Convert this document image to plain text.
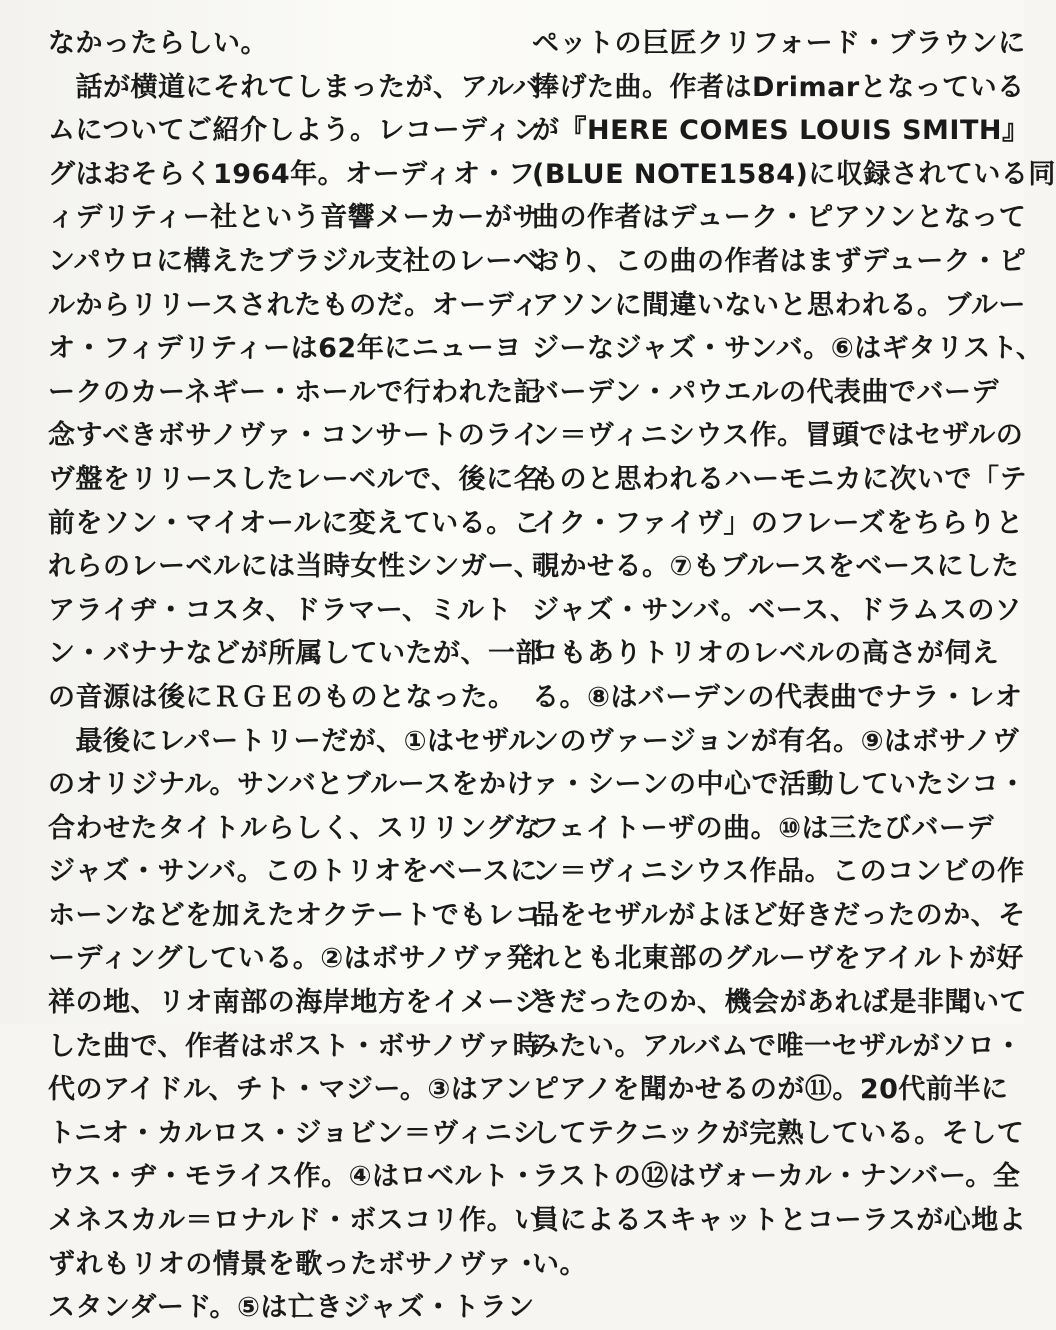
なかったらしい。
　話が横道にそれてしまったが、アルバ
ムについてご紹介しよう。レコーディン
グはおそらく1964年。オーディオ・フ
ィデリティー社という音響メーカーがサ
ンパウロに構えたブラジル支社のレーベ
ルからリリースされたものだ。オーディ
オ・フィデリティーは62年にニューヨ
ークのカーネギー・ホールで行われた記
念すべきボサノヴァ・コンサートのライ
ヴ盤をリリースしたレーベルで、後に名
前をソン・マイオールに変えている。こ
れらのレーベルには当時女性シンガー、
アライヂ・コスタ、ドラマー、ミルト
ン・バナナなどが所属していたが、一部
の音源は後にＲＧＥのものとなった。
　最後にレパートリーだが、①はセザル
のオリジナル。サンバとブルースをかけ
合わせたタイトルらしく、スリリングな
ジャズ・サンバ。このトリオをベースに
ホーンなどを加えたオクテートでもレコ
ーディングしている。②はボサノヴァ発
祥の地、リオ南部の海岸地方をイメージ
した曲で、作者はポスト・ボサノヴァ時
代のアイドル、チト・マジー。③はアン
トニオ・カルロス・ジョビン＝ヴィニシ
ウス・ヂ・モライス作。④はロベルト・
メネスカル＝ロナルド・ボスコリ作。い
ずれもリオの情景を歌ったボサノヴァ・
スタンダード。⑤は亡きジャズ・トラン
ペットの巨匠クリフォード・ブラウンに
捧げた曲。作者はDrimarとなっている
が『HERE COMES LOUIS SMITH』
(BLUE NOTE1584)に収録されている同
曲の作者はデューク・ピアソンとなって
おり、この曲の作者はまずデューク・ピ
アソンに間違いないと思われる。ブルー
ジーなジャズ・サンバ。⑥はギタリスト、
バーデン・パウエルの代表曲でバーデ
ン＝ヴィニシウス作。冒頭ではセザルの
ものと思われるハーモニカに次いで「テ
イク・ファイヴ」のフレーズをちらりと
覗かせる。⑦もブルースをベースにした
ジャズ・サンバ。ベース、ドラムスのソ
ロもありトリオのレベルの高さが伺え
る。⑧はバーデンの代表曲でナラ・レオ
ンのヴァージョンが有名。⑨はボサノヴ
ァ・シーンの中心で活動していたシコ・
フェイトーザの曲。⑩は三たびバーデ
ン＝ヴィニシウス作品。このコンビの作
品をセザルがよほど好きだったのか、そ
れとも北東部のグルーヴをアイルトが好
きだったのか、機会があれば是非聞いて
みたい。アルバムで唯一セザルがソロ・
ピアノを聞かせるのが⑪。20代前半に
してテクニックが完熟している。そして
ラストの⑫はヴォーカル・ナンバー。全
員によるスキャットとコーラスが心地よ
い。
